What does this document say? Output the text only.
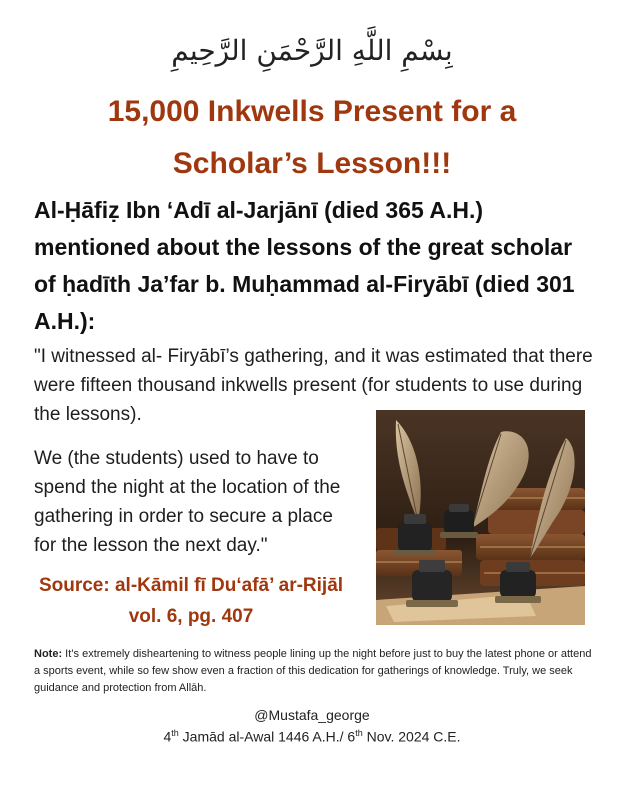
بِسْمِ اللَّهِ الرَّحْمَنِ الرَّحِيمِ
15,000 Inkwells Present for a
Scholar’s Lesson!!!
Al-Ḥāfiẓ Ibn ‘Adī al-Jarjānī (died 365 A.H.) mentioned about the lessons of the great scholar of ḥadīth Ja’far b. Muḥammad al-Firyābī (died 301 A.H.):
"I witnessed al- Firyābī’s gathering, and it was estimated that there were fifteen thousand inkwells present (for students to use during the lessons).
We (the students) used to have to spend the night at the location of the gathering in order to secure a place for the lesson the next day."
Source: al-Kāmil fī Du‘afā’ ar-Rijāl
vol. 6, pg. 407
Note: It’s extremely disheartening to witness people lining up the night before just to buy the latest phone or attend a sports event, while so few show even a fraction of this dedication for gatherings of knowledge. Truly, we seek guidance and protection from Allāh.
@Mustafa_george
4th Jamād al-Awal 1446 A.H./ 6th Nov. 2024 C.E.
